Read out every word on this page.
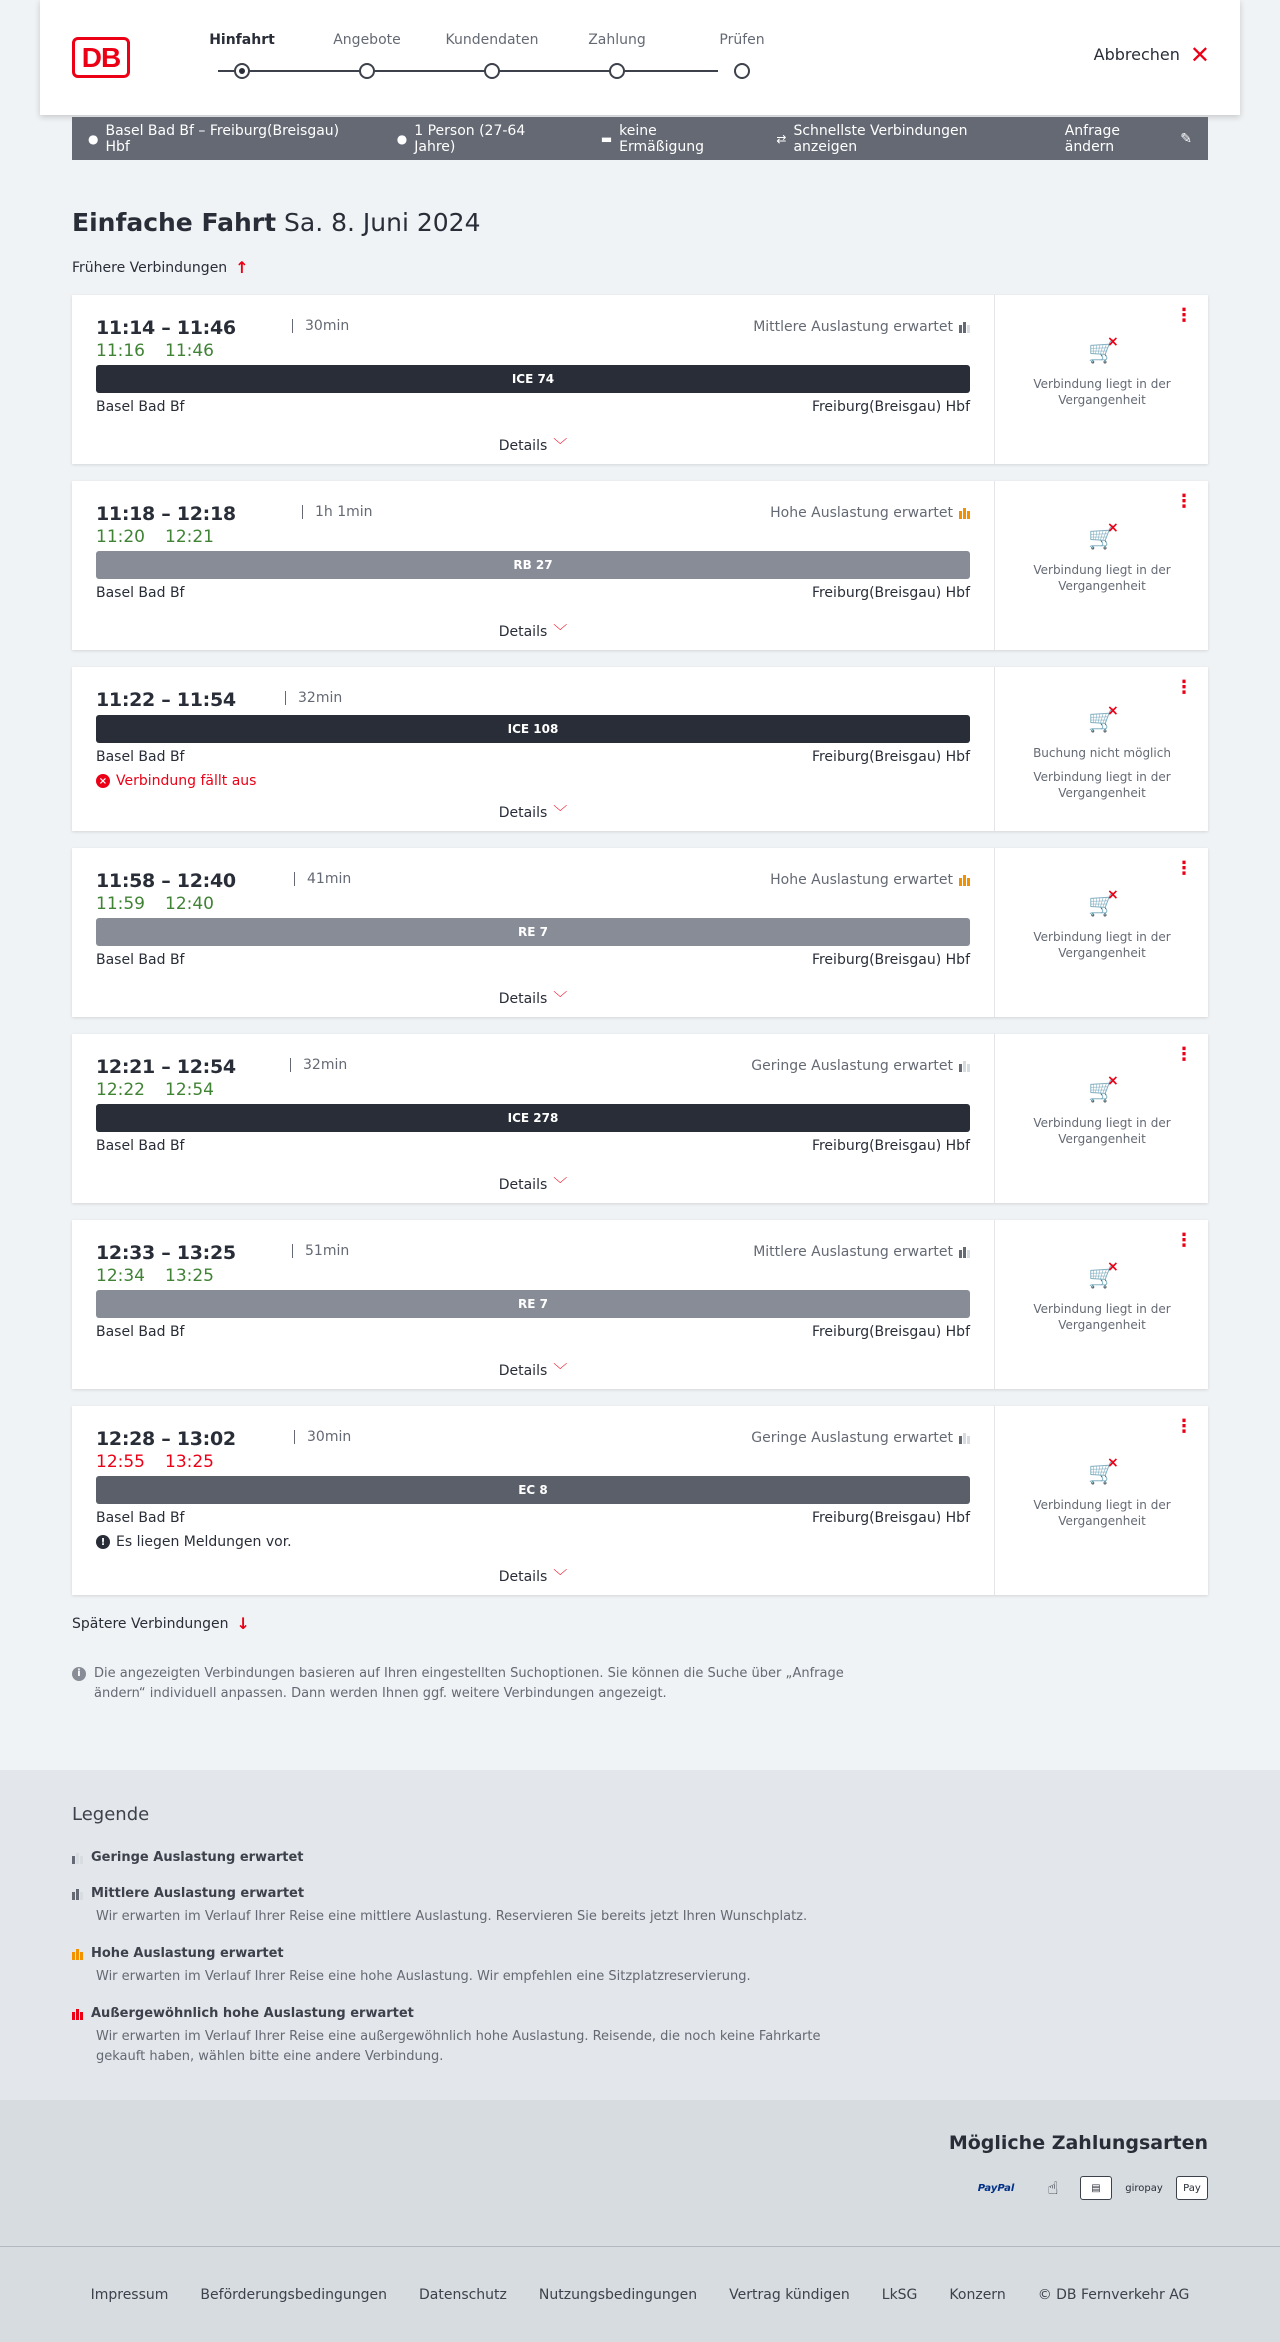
DB
Hinfahrt	Angebote	Kundendaten	Zahlung	Prüfen
Abbrechen ✕
● Basel Bad Bf – Freiburg(Breisgau) Hbf	● 1 Person (27-64 Jahre)	▬ keine Ermäßigung	⇄ Schnellste Verbindungen anzeigen
Anfrage ändern	✎
Einfache Fahrt Sa. 8. Juni 2024
Frühere Verbindungen ↑
11:14 – 11:46	30min
11:16 11:46
Mittlere Auslastung erwartet
ICE 74
Basel Bad Bf	Freiburg(Breisgau) Hbf
Details ﹀
⋮
🛒 ×
Verbindung liegt in der Vergangenheit
11:18 – 12:18	1h 1min
11:20 12:21
Hohe Auslastung erwartet
RB 27
Basel Bad Bf	Freiburg(Breisgau) Hbf
Details ﹀
⋮
🛒 ×
Verbindung liegt in der Vergangenheit
11:22 – 11:54	32min
ICE 108
Basel Bad Bf	Freiburg(Breisgau) Hbf
× Verbindung fällt aus
Details ﹀
⋮
🛒 ×
Buchung nicht möglich
Verbindung liegt in der Vergangenheit
11:58 – 12:40	41min
11:59 12:40
Hohe Auslastung erwartet
RE 7
Basel Bad Bf	Freiburg(Breisgau) Hbf
Details ﹀
⋮
🛒 ×
Verbindung liegt in der Vergangenheit
12:21 – 12:54	32min
12:22 12:54
Geringe Auslastung erwartet
ICE 278
Basel Bad Bf	Freiburg(Breisgau) Hbf
Details ﹀
⋮
🛒 ×
Verbindung liegt in der Vergangenheit
12:33 – 13:25	51min
12:34 13:25
Mittlere Auslastung erwartet
RE 7
Basel Bad Bf	Freiburg(Breisgau) Hbf
Details ﹀
⋮
🛒 ×
Verbindung liegt in der Vergangenheit
12:28 – 13:02	30min
12:55 13:25
Geringe Auslastung erwartet
EC 8
Basel Bad Bf	Freiburg(Breisgau) Hbf
! Es liegen Meldungen vor.
Details ﹀
⋮
🛒 ×
Verbindung liegt in der Vergangenheit
Spätere Verbindungen ↓
i	Die angezeigten Verbindungen basieren auf Ihren eingestellten Suchoptionen. Sie können die Suche über „Anfrage ändern“ individuell anpassen. Dann werden Ihnen ggf. weitere Verbindungen angezeigt.
Legende
Geringe Auslastung erwartet
Mittlere Auslastung erwartet
Wir erwarten im Verlauf Ihrer Reise eine mittlere Auslastung. Reservieren Sie bereits jetzt Ihren Wunschplatz.
Hohe Auslastung erwartet
Wir erwarten im Verlauf Ihrer Reise eine hohe Auslastung. Wir empfehlen eine Sitzplatzreservierung.
Außergewöhnlich hohe Auslastung erwartet
Wir erwarten im Verlauf Ihrer Reise eine außergewöhnlich hohe Auslastung. Reisende, die noch keine Fahrkarte gekauft haben, wählen bitte eine andere Verbindung.
Mögliche Zahlungsarten
PayPal	☝	▤	giropay	Pay
Impressum Beförderungsbedingungen Datenschutz Nutzungsbedingungen Vertrag kündigen LkSG Konzern © DB Fernverkehr AG
